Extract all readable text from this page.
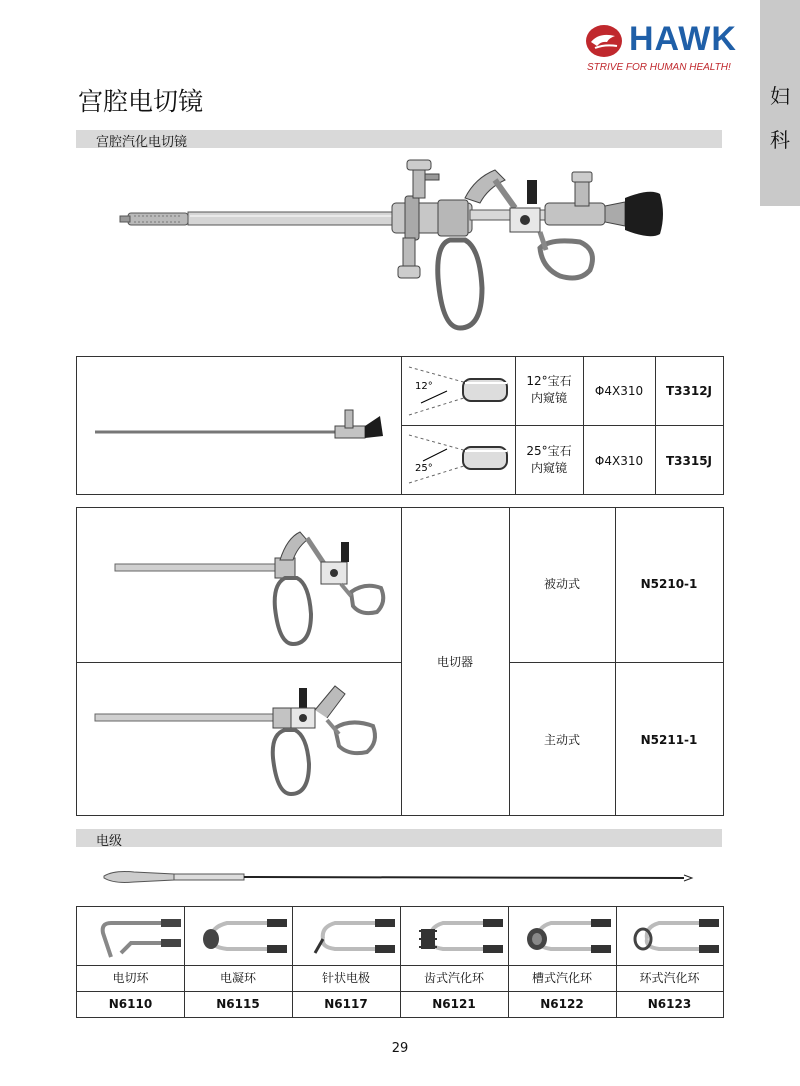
HAWK
STRIVE FOR HUMAN HEALTH!
妇
科
宫腔电切镜
宫腔汽化电切镜
12°
25°
12°宝石
内窥镜	Φ4X310	T3312J
25°宝石
内窥镜	Φ4X310	T3315J
电切器
被动式	N5210-1
主动式	N5211-1
电级
电切环	电凝环	针状电极	齿式汽化环	槽式汽化环	环式汽化环
N6110	N6115	N6117	N6121	N6122	N6123
29
